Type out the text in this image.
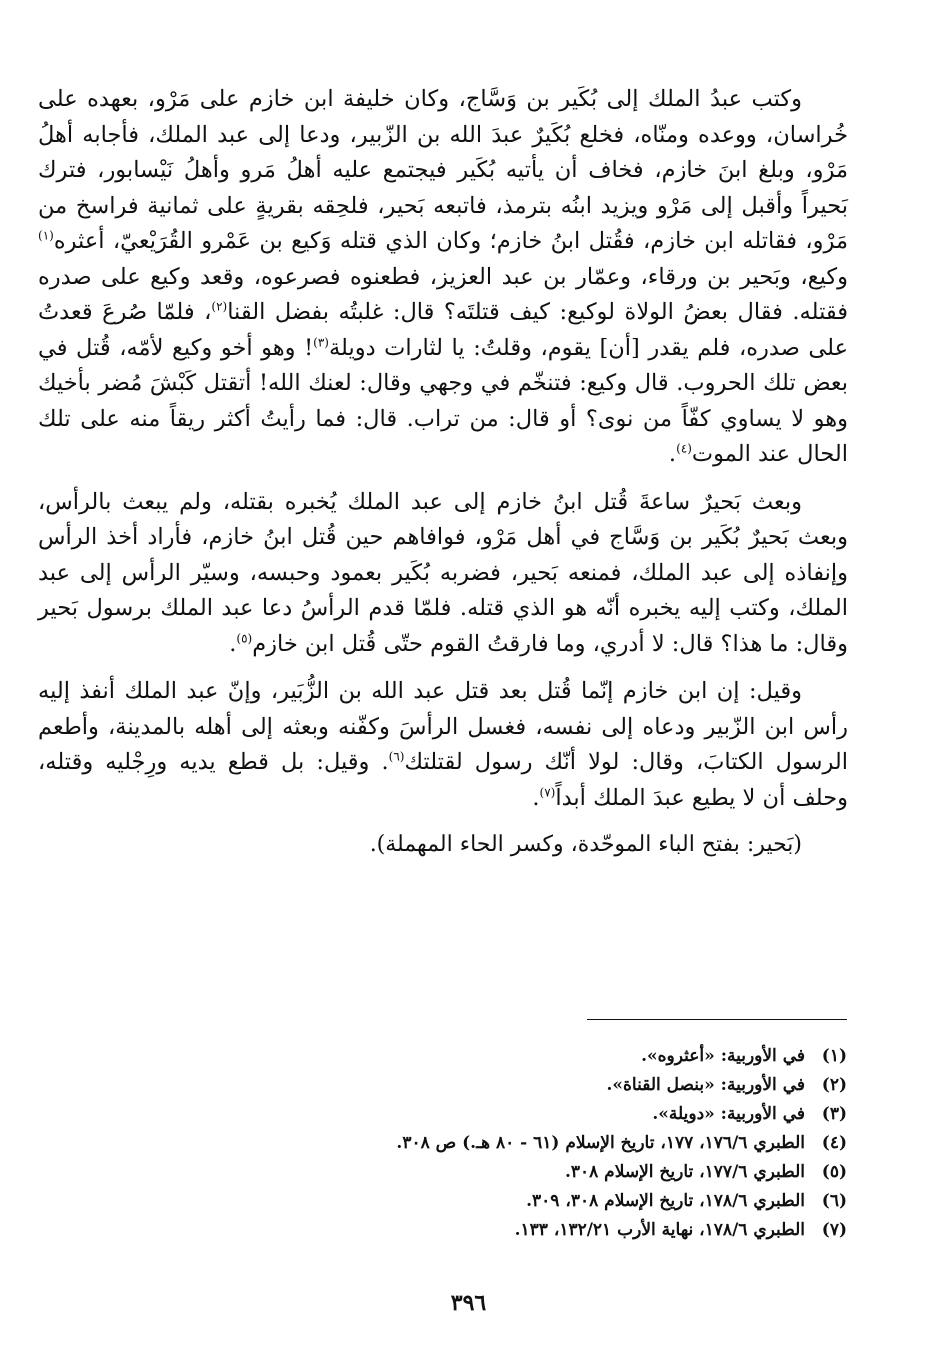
وكتب عبدُ الملك إلى بُكَير بن وَسَّاج، وكان خليفة ابن خازم على مَرْو، بعهده على خُراسان، ووعده ومنّاه، فخلع بُكَيرٌ عبدَ الله بن الزّبير، ودعا إلى عبد الملك، فأجابه أهلُ مَرْو، وبلغ ابنَ خازم، فخاف أن يأتيه بُكَير فيجتمع عليه أهلُ مَرو وأهلُ نَيْسابور، فترك بَحيراً وأقبل إلى مَرْو ويزيد ابنُه بترمذ، فاتبعه بَحير، فلحِقه بقريةٍ على ثمانية فراسخ من مَرْو، فقاتله ابن خازم، فقُتل ابنُ خازم؛ وكان الذي قتله وَكيع بن عَمْرو القُرَيْعيّ، أعثره$^{(١)}$ وكيع، وبَحير بن ورقاء، وعمّار بن عبد العزيز، فطعنوه فصرعوه، وقعد وكيع على صدره فقتله. فقال بعضُ الولاة لوكيع: كيف قتلتَه؟ قال: غلبتُه بفضل القنا$^{(٢)}$، فلمّا صُرعَ قعدتُ على صدره، فلم يقدر [أن] يقوم، وقلتُ: يا لثارات دويلة$^{(٣)}$! وهو أخو وكيع لأمّه، قُتل في بعض تلك الحروب. قال وكيع: فتنخّم في وجهي وقال: لعنك الله! أتقتل كَبْشَ مُضر بأخيك وهو لا يساوي كفّاً من نوى؟ أو قال: من تراب. قال: فما رأيتُ أكثر ريقاً منه على تلك الحال عند الموت$^{(٤)}$.

وبعث بَحيرٌ ساعةَ قُتل ابنُ خازم إلى عبد الملك يُخبره بقتله، ولم يبعث بالرأس، وبعث بَحيرٌ بُكَير بن وَسَّاج في أهل مَرْو، فوافاهم حين قُتل ابنُ خازم، فأراد أخذ الرأس وإنفاذه إلى عبد الملك، فمنعه بَحير، فضربه بُكَير بعمود وحبسه، وسيّر الرأس إلى عبد الملك، وكتب إليه يخبره أنّه هو الذي قتله. فلمّا قدم الرأسُ دعا عبد الملك برسول بَحير وقال: ما هذا؟ قال: لا أدري، وما فارقتُ القوم حتّى قُتل ابن خازم$^{(٥)}$.

وقيل: إن ابن خازم إنّما قُتل بعد قتل عبد الله بن الزُّبَير، وإنّ عبد الملك أنفذ إليه رأس ابن الزّبير ودعاه إلى نفسه، فغسل الرأسَ وكفّنه وبعثه إلى أهله بالمدينة، وأطعم الرسول الكتابَ، وقال: لولا أنّك رسول لقتلتك$^{(٦)}$. وقيل: بل قطع يديه ورِجْليه وقتله، وحلف أن لا يطيع عبدَ الملك أبداً$^{(٧)}$.

(بَحير: بفتح الباء الموحّدة، وكسر الحاء المهملة).

(١)
في الأوربية: «أعثروه».
(٢)
في الأوربية: «بنصل القناة».
(٣)
في الأوربية: «دويلة».
(٤)
الطبري ١٧٦/٦، ١٧٧، تاريخ الإسلام (٦١ - ٨٠ هـ.) ص ٣٠٨.
(٥)
الطبري ١٧٧/٦، تاريخ الإسلام ٣٠٨.
(٦)
الطبري ١٧٨/٦، تاريخ الإسلام ٣٠٨، ٣٠٩.
(٧)
الطبري ١٧٨/٦، نهاية الأرب ١٣٢/٢١، ١٣٣.
٣٩٦
